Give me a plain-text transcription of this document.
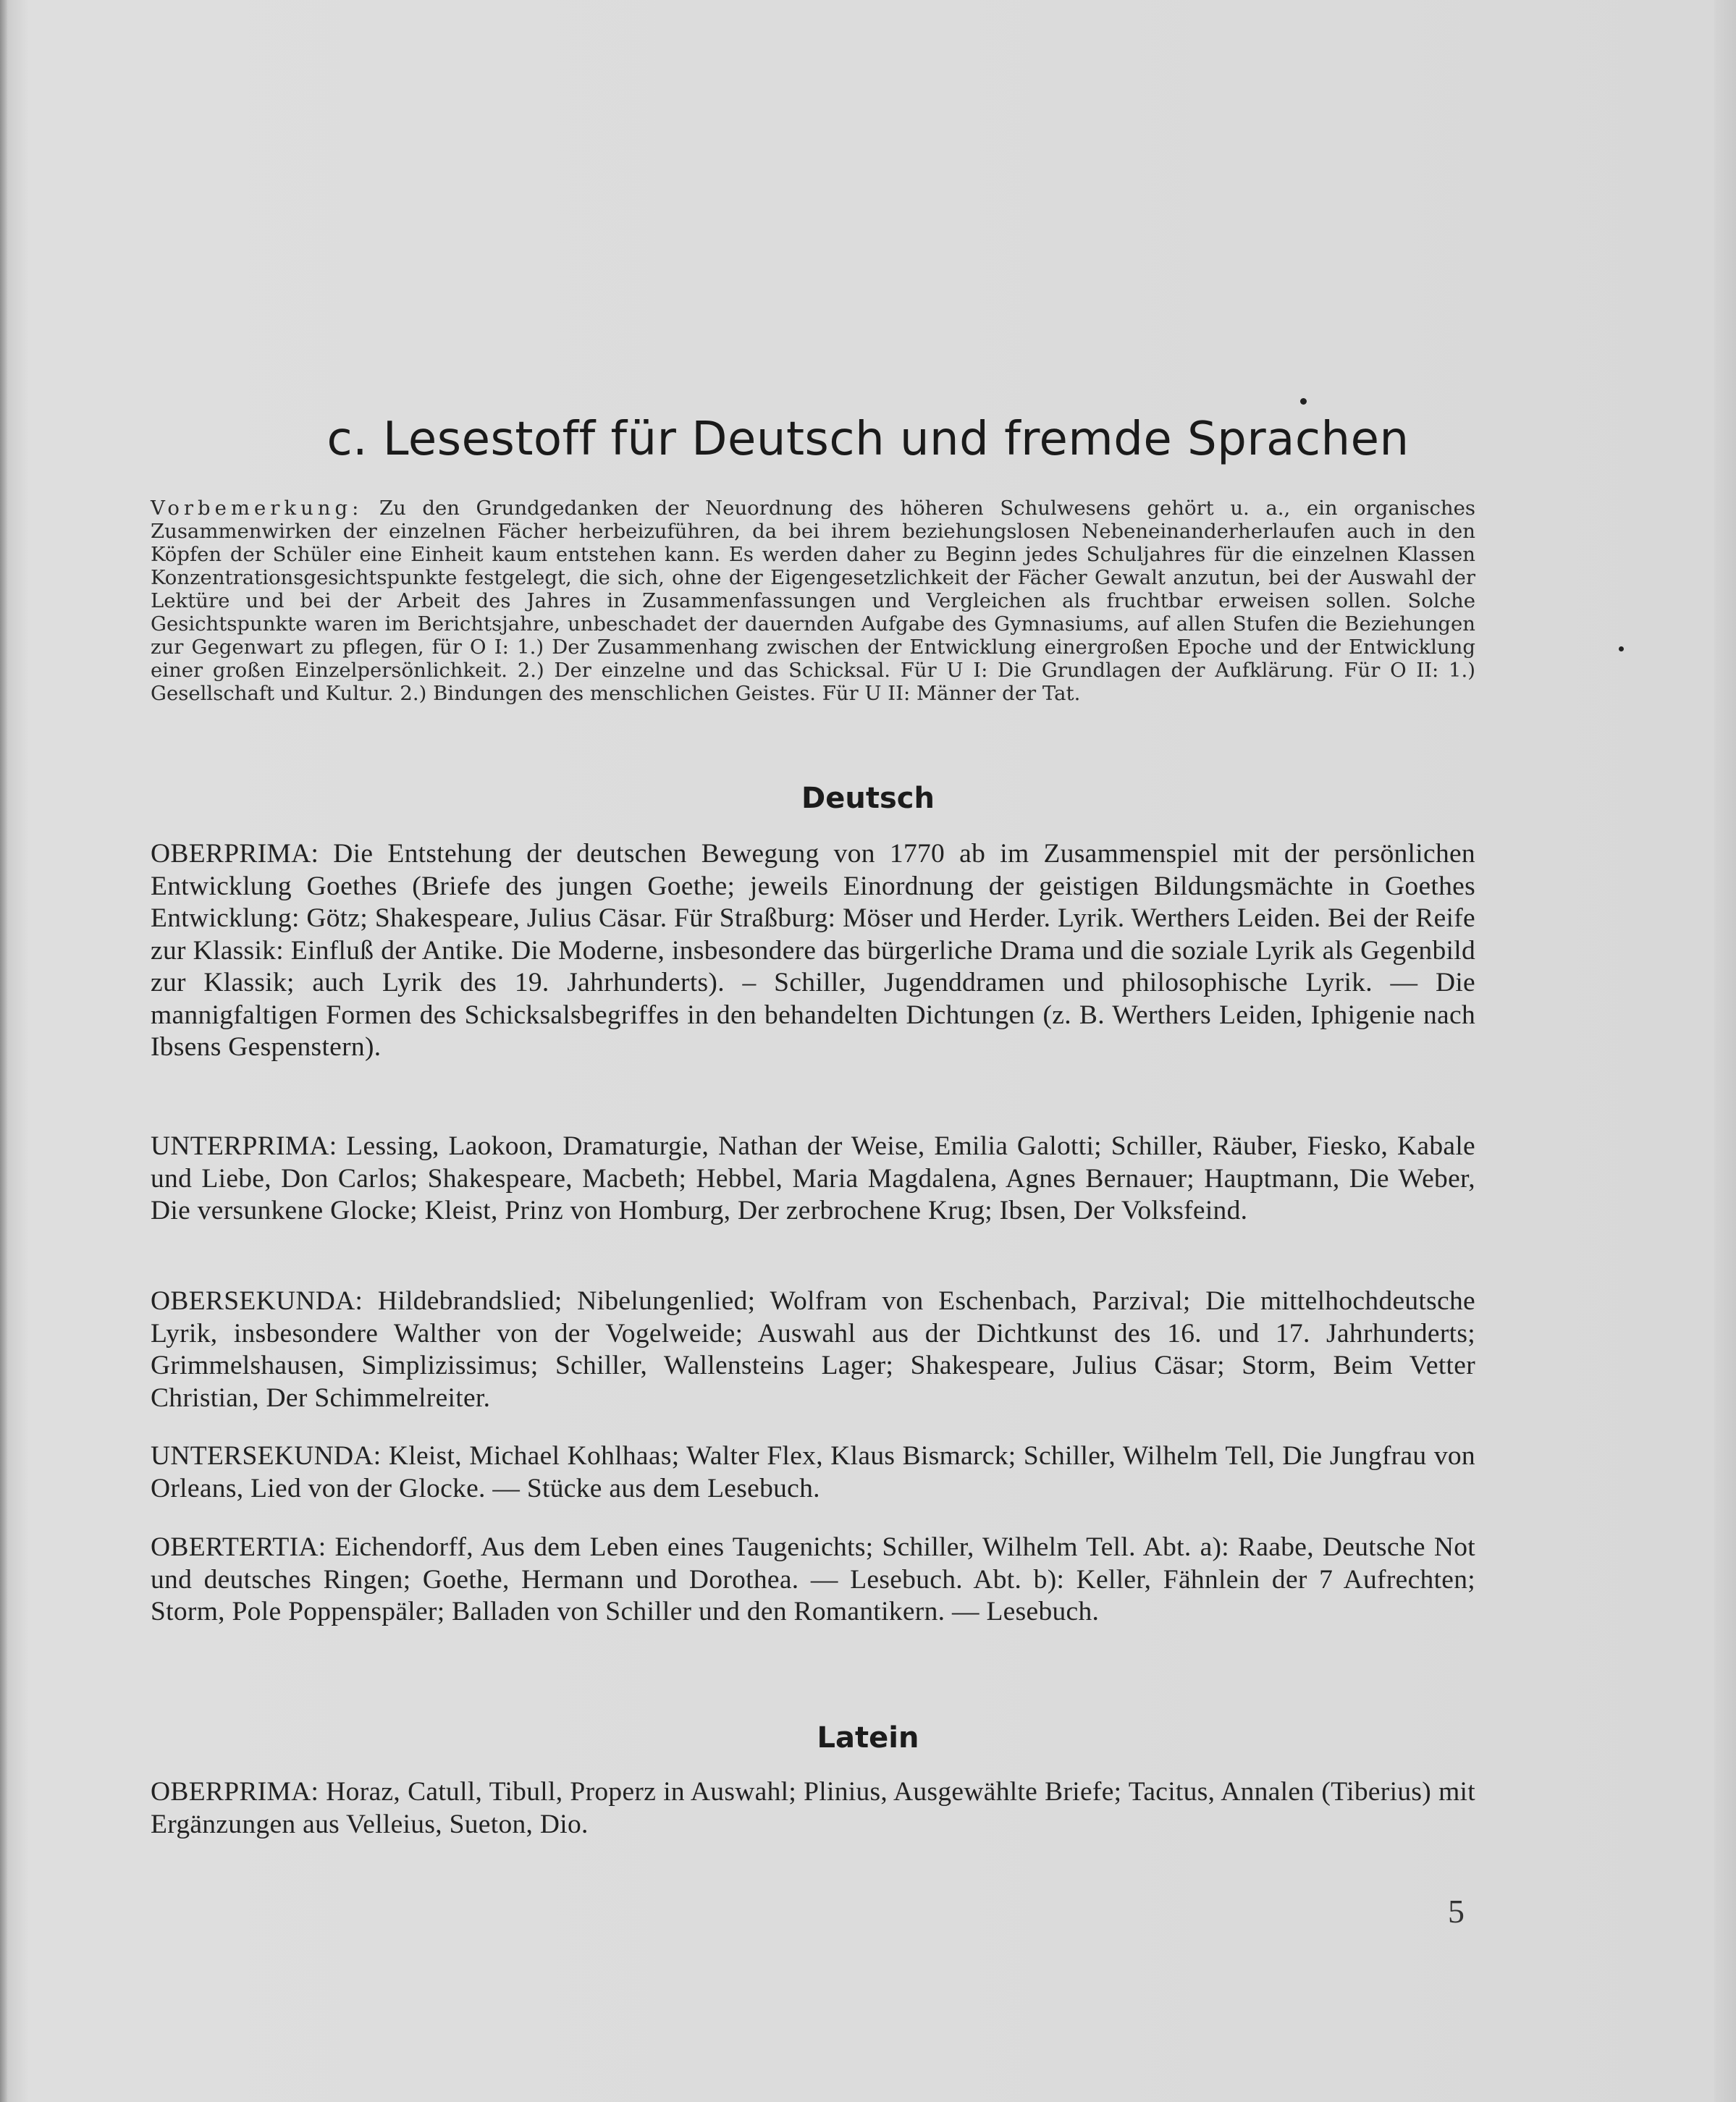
c. Lesestoff für Deutsch und fremde Sprachen
Vorbemerkung: Zu den Grundgedanken der Neuordnung des höheren Schulwesens gehört u. a., ein organisches Zusammenwirken der einzelnen Fächer herbeizuführen, da bei ihrem beziehungslosen Nebeneinanderherlaufen auch in den Köpfen der Schüler eine Einheit kaum entstehen kann. Es werden daher zu Beginn jedes Schuljahres für die einzelnen Klassen Konzentrationsgesichtspunkte festgelegt, die sich, ohne der Eigengesetzlichkeit der Fächer Gewalt anzutun, bei der Auswahl der Lektüre und bei der Arbeit des Jahres in Zusammenfassungen und Vergleichen als fruchtbar erweisen sollen. Solche Gesichtspunkte waren im Berichtsjahre, unbeschadet der dauernden Aufgabe des Gymnasiums, auf allen Stufen die Beziehungen zur Gegenwart zu pflegen, für O I: 1.) Der Zusammenhang zwischen der Entwicklung einergroßen Epoche und der Entwicklung einer großen Einzelpersönlichkeit. 2.) Der einzelne und das Schicksal. Für U I: Die Grundlagen der Aufklärung. Für O II: 1.) Gesellschaft und Kultur. 2.) Bindungen des menschlichen Geistes. Für U II: Männer der Tat.
Deutsch
OBERPRIMA: Die Entstehung der deutschen Bewegung von 1770 ab im Zusammenspiel mit der persönlichen Entwicklung Goethes (Briefe des jungen Goethe; jeweils Einordnung der geistigen Bildungsmächte in Goethes Entwicklung: Götz; Shakespeare, Julius Cäsar. Für Straßburg: Möser und Herder. Lyrik. Werthers Leiden. Bei der Reife zur Klassik: Einfluß der Antike. Die Moderne, insbesondere das bürgerliche Drama und die soziale Lyrik als Gegenbild zur Klassik; auch Lyrik des 19. Jahrhunderts). – Schiller, Jugenddramen und philosophische Lyrik. — Die mannigfaltigen Formen des Schicksalsbegriffes in den behandelten Dichtungen (z. B. Werthers Leiden, Iphigenie nach Ibsens Gespenstern).
UNTERPRIMA: Lessing, Laokoon, Dramaturgie, Nathan der Weise, Emilia Galotti; Schiller, Räuber, Fiesko, Kabale und Liebe, Don Carlos; Shakespeare, Macbeth; Hebbel, Maria Magdalena, Agnes Bernauer; Hauptmann, Die Weber, Die versunkene Glocke; Kleist, Prinz von Homburg, Der zerbrochene Krug; Ibsen, Der Volksfeind.
OBERSEKUNDA: Hildebrandslied; Nibelungenlied; Wolfram von Eschenbach, Parzival; Die mittelhochdeutsche Lyrik, insbesondere Walther von der Vogelweide; Auswahl aus der Dichtkunst des 16. und 17. Jahrhunderts; Grimmelshausen, Simplizissimus; Schiller, Wallensteins Lager; Shakespeare, Julius Cäsar; Storm, Beim Vetter Christian, Der Schimmelreiter.
UNTERSEKUNDA: Kleist, Michael Kohlhaas; Walter Flex, Klaus Bismarck; Schiller, Wilhelm Tell, Die Jungfrau von Orleans, Lied von der Glocke. — Stücke aus dem Lesebuch.
OBERTERTIA: Eichendorff, Aus dem Leben eines Taugenichts; Schiller, Wilhelm Tell. Abt. a): Raabe, Deutsche Not und deutsches Ringen; Goethe, Hermann und Dorothea. — Lesebuch. Abt. b): Keller, Fähnlein der 7 Aufrechten; Storm, Pole Poppenspäler; Balladen von Schiller und den Romantikern. — Lesebuch.
Latein
OBERPRIMA: Horaz, Catull, Tibull, Properz in Auswahl; Plinius, Ausgewählte Briefe; Tacitus, Annalen (Tiberius) mit Ergänzungen aus Velleius, Sueton, Dio.
5
